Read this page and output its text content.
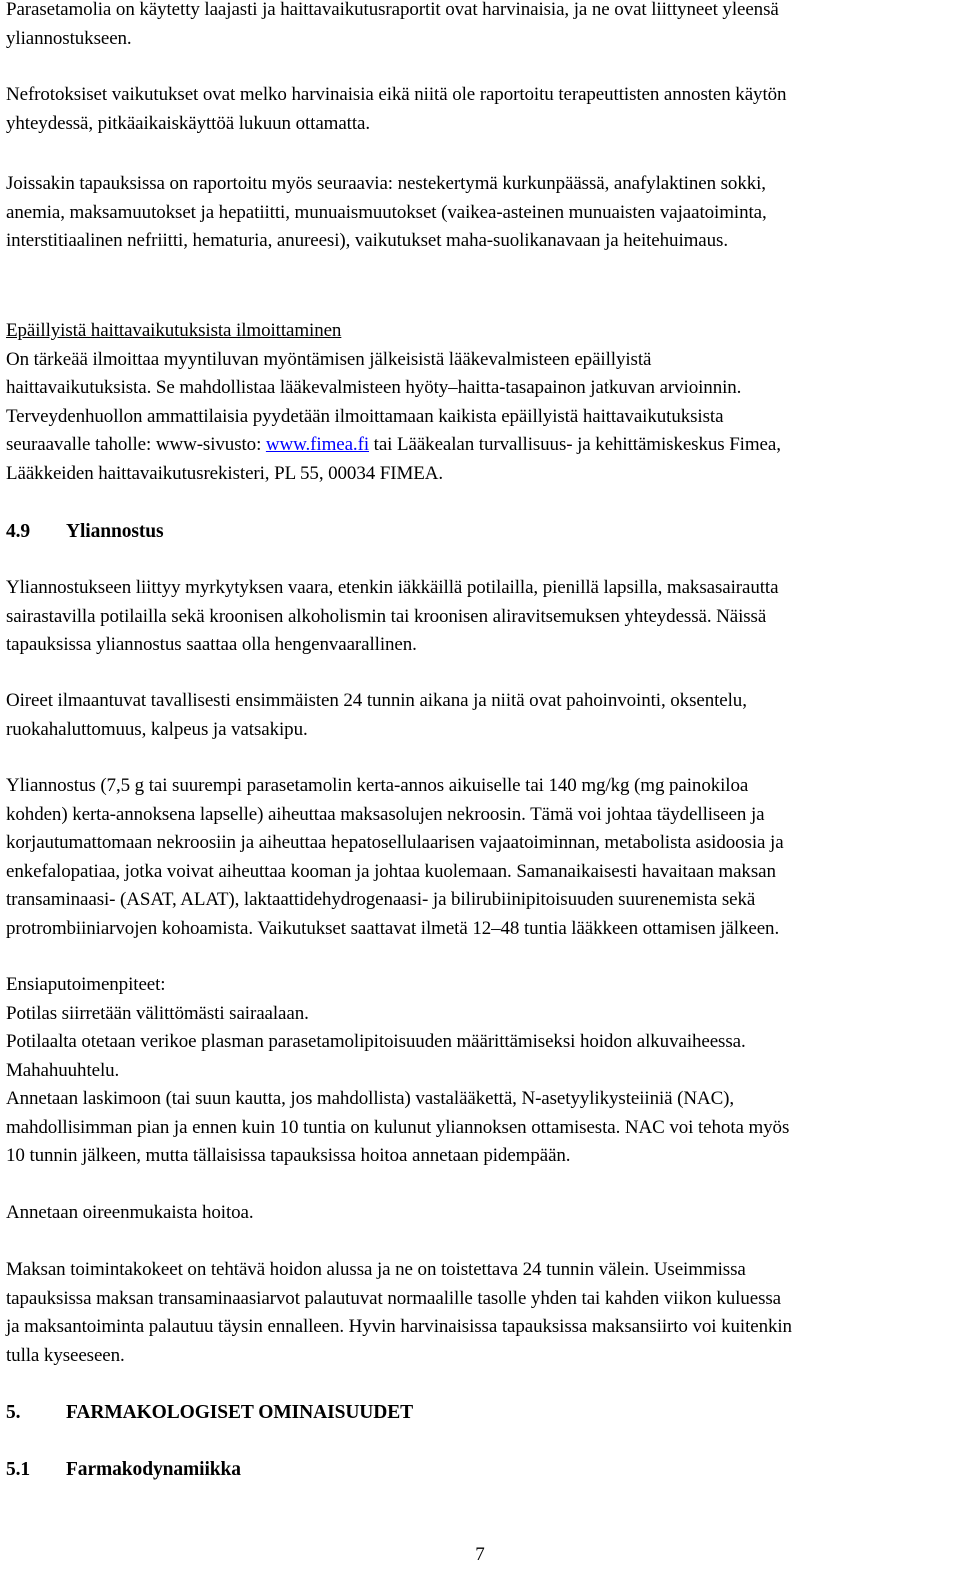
Parasetamolia on käytetty laajasti ja haittavaikutusraportit ovat harvinaisia, ja ne ovat liittyneet yleensä
yliannostukseen.
Nefrotoksiset vaikutukset ovat melko harvinaisia eikä niitä ole raportoitu terapeuttisten annosten käytön
yhteydessä, pitkäaikaiskäyttöä lukuun ottamatta.
Joissakin tapauksissa on raportoitu myös seuraavia: nestekertymä kurkunpäässä, anafylaktinen sokki,
anemia, maksamuutokset ja hepatiitti, munuaismuutokset (vaikea-asteinen munuaisten vajaatoiminta,
interstitiaalinen nefriitti, hematuria, anureesi), vaikutukset maha-suolikanavaan ja heitehuimaus.
Epäillyistä haittavaikutuksista ilmoittaminen
On tärkeää ilmoittaa myyntiluvan myöntämisen jälkeisistä lääkevalmisteen epäillyistä
haittavaikutuksista. Se mahdollistaa lääkevalmisteen hyöty–haitta-tasapainon jatkuvan arvioinnin.
Terveydenhuollon ammattilaisia pyydetään ilmoittamaan kaikista epäillyistä haittavaikutuksista
seuraavalle taholle: www-sivusto: www.fimea.fi tai Lääkealan turvallisuus- ja kehittämiskeskus Fimea,
Lääkkeiden haittavaikutusrekisteri, PL 55, 00034 FIMEA.
4.9 Yliannostus
Yliannostukseen liittyy myrkytyksen vaara, etenkin iäkkäillä potilailla, pienillä lapsilla, maksasairautta
sairastavilla potilailla sekä kroonisen alkoholismin tai kroonisen aliravitsemuksen yhteydessä. Näissä
tapauksissa yliannostus saattaa olla hengenvaarallinen.
Oireet ilmaantuvat tavallisesti ensimmäisten 24 tunnin aikana ja niitä ovat pahoinvointi, oksentelu,
ruokahaluttomuus, kalpeus ja vatsakipu.
Yliannostus (7,5 g tai suurempi parasetamolin kerta-annos aikuiselle tai 140 mg/kg (mg painokiloa
kohden) kerta-annoksena lapselle) aiheuttaa maksasolujen nekroosin. Tämä voi johtaa täydelliseen ja
korjautumattomaan nekroosiin ja aiheuttaa hepatosellulaarisen vajaatoiminnan, metabolista asidoosia ja
enkefalopatiaa, jotka voivat aiheuttaa kooman ja johtaa kuolemaan. Samanaikaisesti havaitaan maksan
transaminaasi- (ASAT, ALAT), laktaattidehydrogenaasi- ja bilirubiinipitoisuuden suurenemista sekä
protrombiiniarvojen kohoamista. Vaikutukset saattavat ilmetä 12–48 tuntia lääkkeen ottamisen jälkeen.
Ensiaputoimenpiteet:
Potilas siirretään välittömästi sairaalaan.
Potilaalta otetaan verikoe plasman parasetamolipitoisuuden määrittämiseksi hoidon alkuvaiheessa.
Mahahuuhtelu.
Annetaan laskimoon (tai suun kautta, jos mahdollista) vastalääkettä, N-asetyylikysteiiniä (NAC),
mahdollisimman pian ja ennen kuin 10 tuntia on kulunut yliannoksen ottamisesta. NAC voi tehota myös
10 tunnin jälkeen, mutta tällaisissa tapauksissa hoitoa annetaan pidempään.
Annetaan oireenmukaista hoitoa.
Maksan toimintakokeet on tehtävä hoidon alussa ja ne on toistettava 24 tunnin välein. Useimmissa
tapauksissa maksan transaminaasiarvot palautuvat normaalille tasolle yhden tai kahden viikon kuluessa
ja maksantoiminta palautuu täysin ennalleen. Hyvin harvinaisissa tapauksissa maksansiirto voi kuitenkin
tulla kyseeseen.
5. FARMAKOLOGISET OMINAISUUDET
5.1 Farmakodynamiikka
7
